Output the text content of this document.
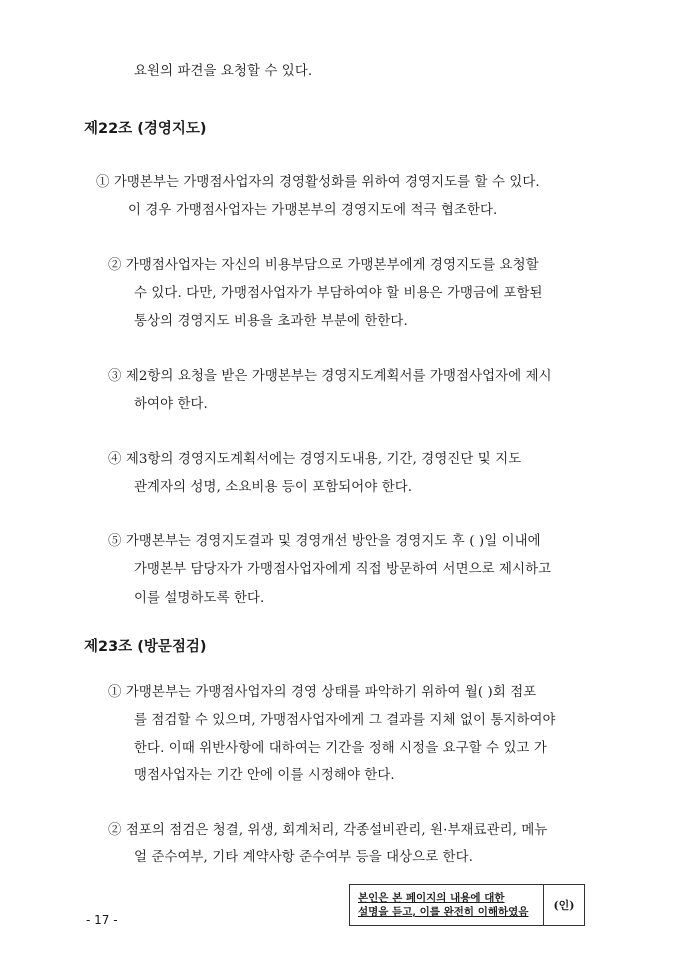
요원의 파견을 요청할 수 있다.
제22조 (경영지도)
① 가맹본부는 가맹점사업자의 경영활성화를 위하여 경영지도를 할 수 있다.
이 경우 가맹점사업자는 가맹본부의 경영지도에 적극 협조한다.
② 가맹점사업자는 자신의 비용부담으로 가맹본부에게 경영지도를 요청할
수 있다. 다만, 가맹점사업자가 부담하여야 할 비용은 가맹금에 포함된
통상의 경영지도 비용을 초과한 부분에 한한다.
③ 제2항의 요청을 받은 가맹본부는 경영지도계획서를 가맹점사업자에 제시
하여야 한다.
④ 제3항의 경영지도계획서에는 경영지도내용, 기간, 경영진단 및 지도
관계자의 성명, 소요비용 등이 포함되어야 한다.
⑤ 가맹본부는 경영지도결과 및 경영개선 방안을 경영지도 후 ( )일 이내에
가맹본부 담당자가 가맹점사업자에게 직접 방문하여 서면으로 제시하고
이를 설명하도록 한다.
제23조 (방문점검)
① 가맹본부는 가맹점사업자의 경영 상태를 파악하기 위하여 월( )회 점포
를 점검할 수 있으며, 가맹점사업자에게 그 결과를 지체 없이 통지하여야
한다. 이때 위반사항에 대하여는 기간을 정해 시정을 요구할 수 있고 가
맹점사업자는 기간 안에 이를 시정해야 한다.
② 점포의 점검은 청결, 위생, 회계처리, 각종설비관리, 원·부재료관리, 메뉴
얼 준수여부, 기타 계약사항 준수여부 등을 대상으로 한다.
- 17 -
본인은 본 페이지의 내용에 대한
설명을 듣고, 이를 완전히 이해하였음	(인)
